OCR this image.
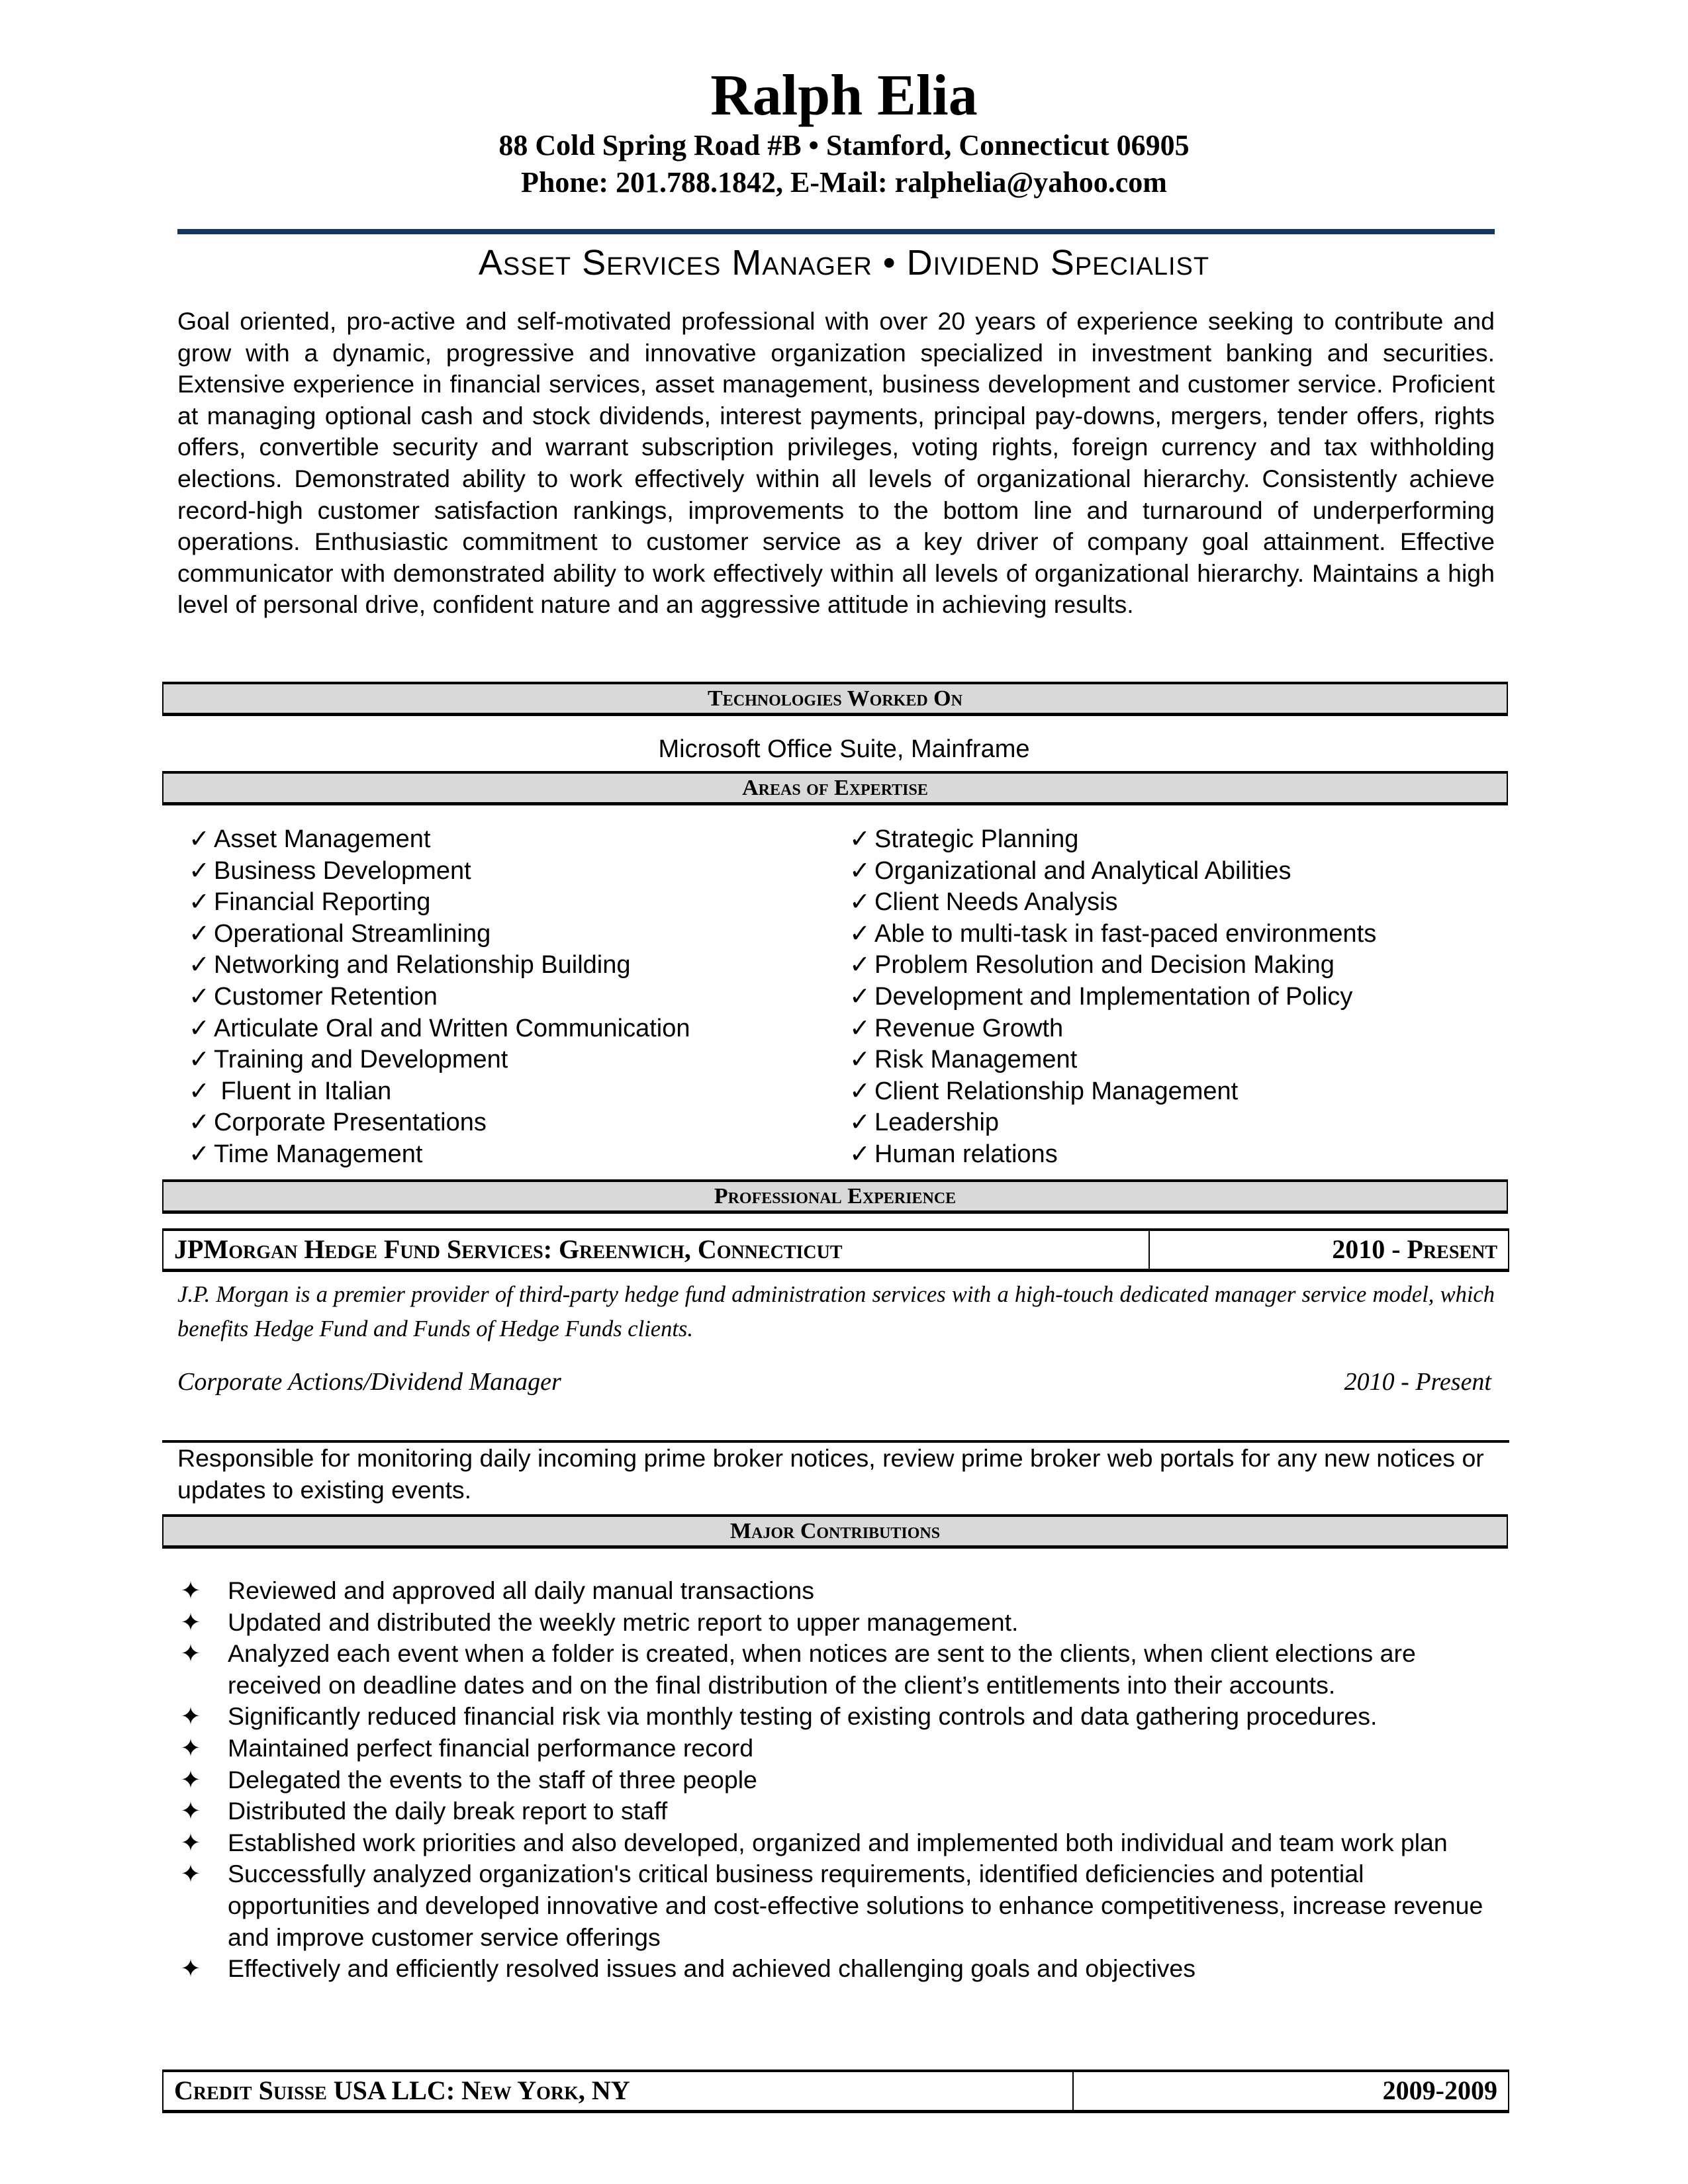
Ralph Elia
88 Cold Spring Road #B • Stamford, Connecticut 06905
Phone: 201.788.1842, E-Mail: ralphelia@yahoo.com
Asset Services Manager • Dividend Specialist
Goal oriented, pro-active and self-motivated professional with over 20 years of experience seeking to contribute and grow with a dynamic, progressive and innovative organization specialized in investment banking and securities. Extensive experience in financial services, asset management, business development and customer service. Proficient at managing optional cash and stock dividends, interest payments, principal pay-downs, mergers, tender offers, rights offers, convertible security and warrant subscription privileges, voting rights, foreign currency and tax withholding elections. Demonstrated ability to work effectively within all levels of organizational hierarchy. Consistently achieve record-high customer satisfaction rankings, improvements to the bottom line and turnaround of underperforming operations. Enthusiastic commitment to customer service as a key driver of company goal attainment. Effective communicator with demonstrated ability to work effectively within all levels of organizational hierarchy. Maintains a high level of personal drive, confident nature and an aggressive attitude in achieving results.
Technologies Worked On
Microsoft Office Suite, Mainframe
Areas of Expertise
✓ Asset Management
✓ Business Development
✓ Financial Reporting
✓ Operational Streamlining
✓ Networking and Relationship Building
✓ Customer Retention
✓ Articulate Oral and Written Communication
✓ Training and Development
✓ Fluent in Italian
✓ Corporate Presentations
✓ Time Management
✓ Strategic Planning
✓ Organizational and Analytical Abilities
✓ Client Needs Analysis
✓ Able to multi-task in fast-paced environments
✓ Problem Resolution and Decision Making
✓ Development and Implementation of Policy
✓ Revenue Growth
✓ Risk Management
✓ Client Relationship Management
✓ Leadership
✓ Human relations
Professional Experience
JPMorgan Hedge Fund Services: Greenwich, Connecticut	2010 - Present
J.P. Morgan is a premier provider of third-party hedge fund administration services with a high-touch dedicated manager service model, which benefits Hedge Fund and Funds of Hedge Funds clients.
Corporate Actions/Dividend Manager	2010 - Present
Responsible for monitoring daily incoming prime broker notices, review prime broker web portals for any new notices or updates to existing events.
Major Contributions
✦ Reviewed and approved all daily manual transactions
✦ Updated and distributed the weekly metric report to upper management.
✦ Analyzed each event when a folder is created, when notices are sent to the clients, when client elections are received on deadline dates and on the final distribution of the client’s entitlements into their accounts.
✦ Significantly reduced financial risk via monthly testing of existing controls and data gathering procedures.
✦ Maintained perfect financial performance record
✦ Delegated the events to the staff of three people
✦ Distributed the daily break report to staff
✦ Established work priorities and also developed, organized and implemented both individual and team work plan
✦ Successfully analyzed organization's critical business requirements, identified deficiencies and potential opportunities and developed innovative and cost-effective solutions to enhance competitiveness, increase revenue and improve customer service offerings
✦ Effectively and efficiently resolved issues and achieved challenging goals and objectives
Credit Suisse USA LLC: New York, NY	2009-2009
